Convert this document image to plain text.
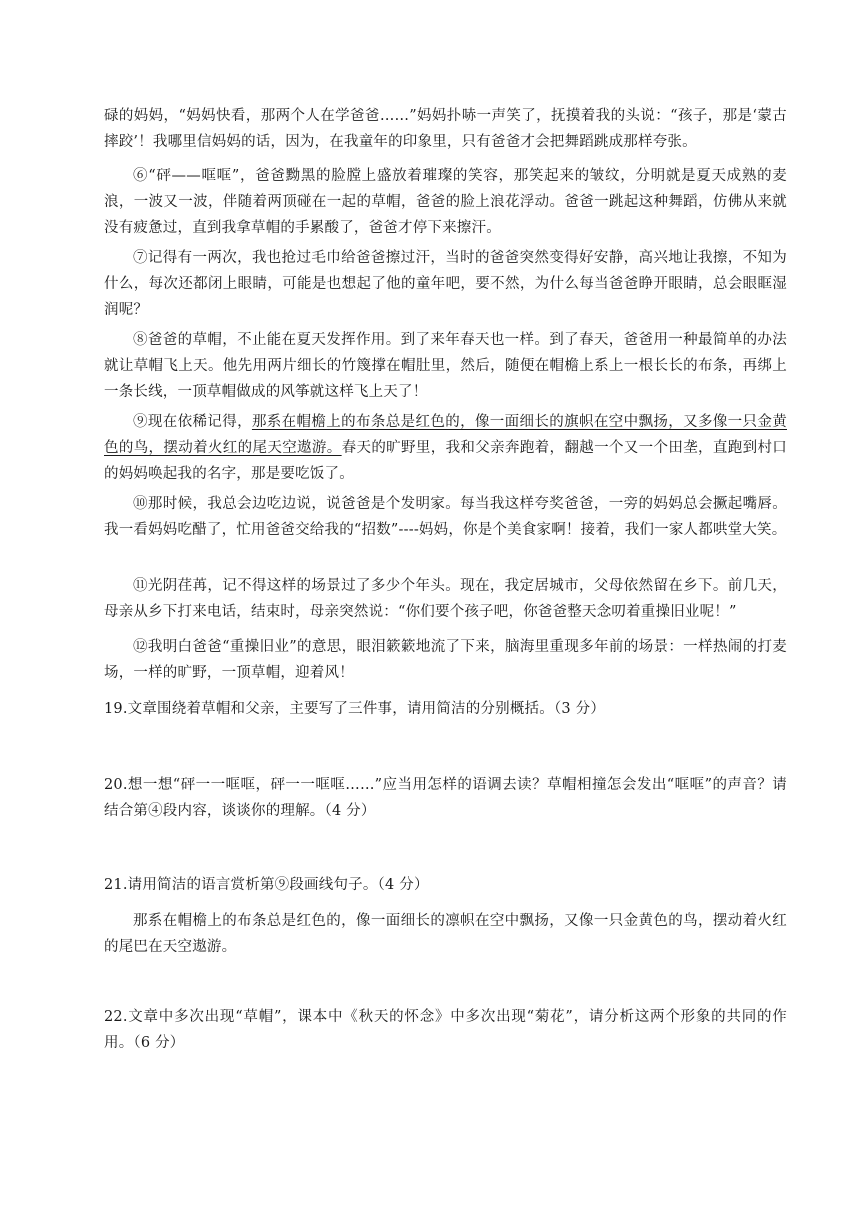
碌的妈妈，“妈妈快看，那两个人在学爸爸……”妈妈扑哧一声笑了，抚摸着我的头说：“孩子，那是‘蒙古摔跤’！我哪里信妈妈的话，因为，在我童年的印象里，只有爸爸才会把舞蹈跳成那样夸张。

⑥“砰——哐哐”，爸爸黝黑的脸膛上盛放着璀璨的笑容，那笑起来的皱纹，分明就是夏天成熟的麦浪，一波又一波，伴随着两顶碰在一起的草帽，爸爸的脸上浪花浮动。爸爸一跳起这种舞蹈，仿佛从来就没有疲惫过，直到我拿草帽的手累酸了，爸爸才停下来擦汗。

⑦记得有一两次，我也抢过毛巾给爸爸擦过汗，当时的爸爸突然变得好安静，高兴地让我擦，不知为什么，每次还都闭上眼睛，可能是也想起了他的童年吧，要不然，为什么每当爸爸睁开眼睛，总会眼眶湿润呢？

⑧爸爸的草帽，不止能在夏天发挥作用。到了来年春天也一样。到了春天，爸爸用一种最简单的办法就让草帽飞上天。他先用两片细长的竹篾撑在帽肚里，然后，随便在帽檐上系上一根长长的布条，再绑上一条长线，一顶草帽做成的风筝就这样飞上天了！

⑨现在依稀记得，那系在帽檐上的布条总是红色的，像一面细长的旗帜在空中飘扬，又多像一只金黄色的鸟，摆动着火红的尾天空遨游。春天的旷野里，我和父亲奔跑着，翻越一个又一个田垄，直跑到村口的妈妈唤起我的名字，那是要吃饭了。

⑩那时候，我总会边吃边说，说爸爸是个发明家。每当我这样夸奖爸爸，一旁的妈妈总会撅起嘴唇。我一看妈妈吃醋了，忙用爸爸交给我的“招数”----妈妈，你是个美食家啊！接着，我们一家人都哄堂大笑。

⑪光阴荏苒，记不得这样的场景过了多少个年头。现在，我定居城市，父母依然留在乡下。前几天，母亲从乡下打来电话，结束时，母亲突然说：“你们要个孩子吧，你爸爸整天念叨着重操旧业呢！”

⑫我明白爸爸“重操旧业”的意思，眼泪簌簌地流了下来，脑海里重现多年前的场景：一样热闹的打麦场，一样的旷野，一顶草帽，迎着风！

19.文章围绕着草帽和父亲，主要写了三件事，请用简洁的分别概括。（3 分）

20.想一想“砰一一哐哐，砰一一哐哐……”应当用怎样的语调去读？草帽相撞怎会发出“哐哐”的声音？请结合第④段内容，谈谈你的理解。（4 分）

21.请用简洁的语言赏析第⑨段画线句子。（4 分）

那系在帽檐上的布条总是红色的，像一面细长的凛帜在空中飘扬，又像一只金黄色的鸟，摆动着火红的尾巴在天空遨游。

22.文章中多次出现“草帽”，课本中《秋天的怀念》中多次出现“菊花”，请分析这两个形象的共同的作用。（6 分）
